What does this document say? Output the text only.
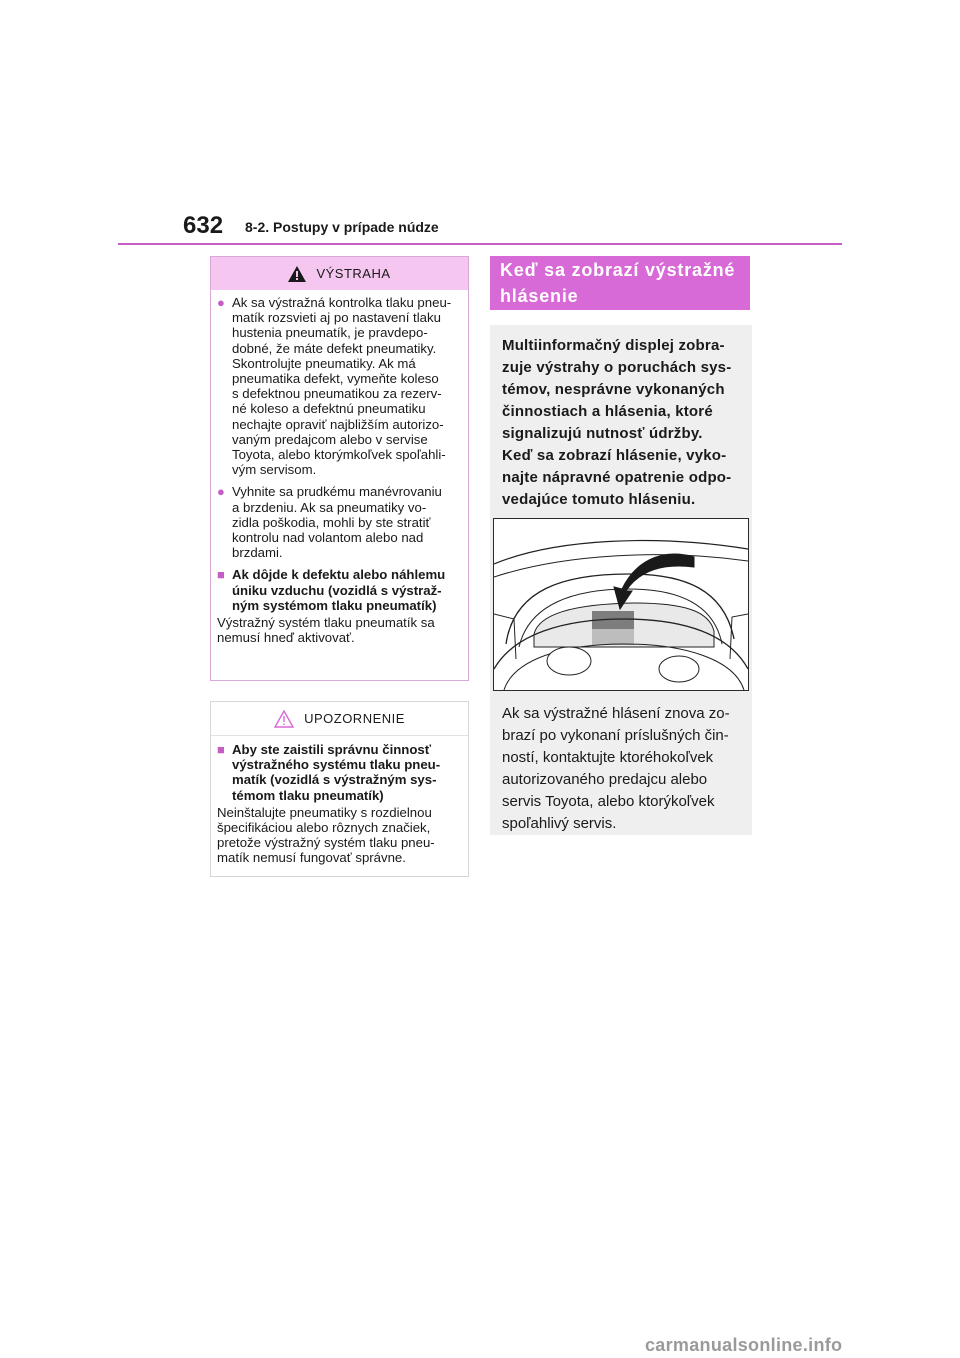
632 8-2. Postupy v prípade núdze
VÝSTRAHA
● Ak sa výstražná kontrolka tlaku pneu-
matík rozsvieti aj po nastavení tlaku
hustenia pneumatík, je pravdepo-
dobné, že máte defekt pneumatiky.
Skontrolujte pneumatiky. Ak má
pneumatika defekt, vymeňte koleso
s defektnou pneumatikou za rezerv-
né koleso a defektnú pneumatiku
nechajte opraviť najbližším autorizo-
vaným predajcom alebo v servise
Toyota, alebo ktorýmkoľvek spoľahli-
vým servisom.
● Vyhnite sa prudkému manévrovaniu
a brzdeniu. Ak sa pneumatiky vo-
zidla poškodia, mohli by ste stratiť
kontrolu nad volantom alebo nad
brzdami.
■ Ak dôjde k defektu alebo náhlemu
úniku vzduchu (vozidlá s výstraž-
ným systémom tlaku pneumatík)

Výstražný systém tlaku pneumatík sa
nemusí hneď aktivovať.

UPOZORNENIE
■ Aby ste zaistili správnu činnosť
výstražného systému tlaku pneu-
matík (vozidlá s výstražným sys-
témom tlaku pneumatík)

Neinštalujte pneumatiky s rozdielnou
špecifikáciou alebo rôznych značiek,
pretože výstražný systém tlaku pneu-
matík nemusí fungovať správne.

Keď sa zobrazí výstražné
hlásenie
Multiinformačný displej zobra-
zuje výstrahy o poruchách sys-
témov, nesprávne vykonaných
činnostiach a hlásenia, ktoré
signalizujú nutnosť údržby.
Keď sa zobrazí hlásenie, vyko-
najte nápravné opatrenie odpo-
vedajúce tomuto hláseniu.
Ak sa výstražné hlásení znova zo-
brazí po vykonaní príslušných čin-
ností, kontaktujte ktoréhokoľvek
autorizovaného predajcu alebo
servis Toyota, alebo ktorýkoľvek
spoľahlivý servis.
carmanualsonline.info
